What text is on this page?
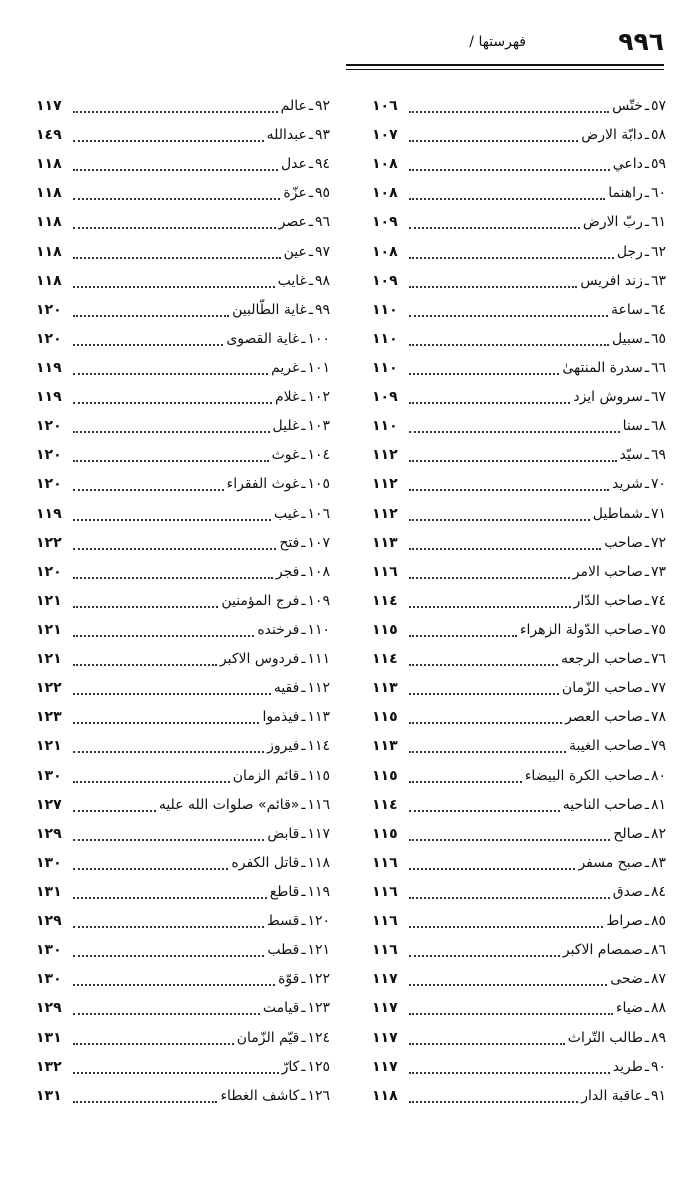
٩٩٦
فهرستها /
٥٧
ـ
ختّس
١٠٦
٥٨
ـ
دابّة الارض
١٠٧
٥٩
ـ
داعي
١٠٨
٦٠
ـ
راهنما
١٠٨
٦١
ـ
ربّ الارض
١٠٩
٦٢
ـ
رجل
١٠٨
٦٣
ـ
زند افريس
١٠٩
٦٤
ـ
ساعة
١١٠
٦٥
ـ
سبيل
١١٠
٦٦
ـ
سدرة المنتهىٰ
١١٠
٦٧
ـ
سروش ايزد
١٠٩
٦٨
ـ
سنا
١١٠
٦٩
ـ
سيّد
١١٢
٧٠
ـ
شريد
١١٢
٧١
ـ
شماطيل
١١٢
٧٢
ـ
صاحب
١١٣
٧٣
ـ
صاحب الامر
١١٦
٧٤
ـ
صاحب الدّار
١١٤
٧٥
ـ
صاحب الدّولة الزهراء
١١٥
٧٦
ـ
صاحب الرجعه
١١٤
٧٧
ـ
صاحب الزّمان
١١٣
٧٨
ـ
صاحب العصر
١١٥
٧٩
ـ
صاحب الغيبة
١١٣
٨٠
ـ
صاحب الكرة البيضاء
١١٥
٨١
ـ
صاحب الناحيه
١١٤
٨٢
ـ
صالح
١١٥
٨٣
ـ
صبح مسفر
١١٦
٨٤
ـ
صدق
١١٦
٨٥
ـ
صراط
١١٦
٨٦
ـ
صمصام الاكبر
١١٦
٨٧
ـ
ضحى
١١٧
٨٨
ـ
ضياء
١١٧
٨٩
ـ
طالب التّراث
١١٧
٩٠
ـ
طريد
١١٧
٩١
ـ
عاقبة الدار
١١٨
٩٢
ـ
عالم
١١٧
٩٣
ـ
عبدالله
١٤٩
٩٤
ـ
عدل
١١٨
٩٥
ـ
عزّة
١١٨
٩٦
ـ
عصر
١١٨
٩٧
ـ
عين
١١٨
٩٨
ـ
غايب
١١٨
٩٩
ـ
غاية الطّالبين
١٢٠
١٠٠
ـ
غاية القصوى
١٢٠
١٠١
ـ
غريم
١١٩
١٠٢
ـ
غلام
١١٩
١٠٣
ـ
غليل
١٢٠
١٠٤
ـ
غوث
١٢٠
١٠٥
ـ
غوث الفقراء
١٢٠
١٠٦
ـ
غيب
١١٩
١٠٧
ـ
فتح
١٢٢
١٠٨
ـ
فجر
١٢٠
١٠٩
ـ
فرج المؤمنين
١٢١
١١٠
ـ
فرخنده
١٢١
١١١
ـ
فردوس الاكبر
١٢١
١١٢
ـ
فقيه
١٢٢
١١٣
ـ
فيذموا
١٢٣
١١٤
ـ
فيروز
١٢١
١١٥
ـ
قائم الزمان
١٣٠
١١٦
ـ
«قائم» صلوات الله عليه
١٢٧
١١٧
ـ
قابض
١٢٩
١١٨
ـ
قاتل الكفره
١٣٠
١١٩
ـ
قاطع
١٣١
١٢٠
ـ
قسط
١٢٩
١٢١
ـ
قطب
١٣٠
١٢٢
ـ
قوّة
١٣٠
١٢٣
ـ
قيامت
١٢٩
١٢٤
ـ
قيّم الزّمان
١٣١
١٢٥
ـ
كارّ
١٣٢
١٢٦
ـ
كاشف الغطاء
١٣١
